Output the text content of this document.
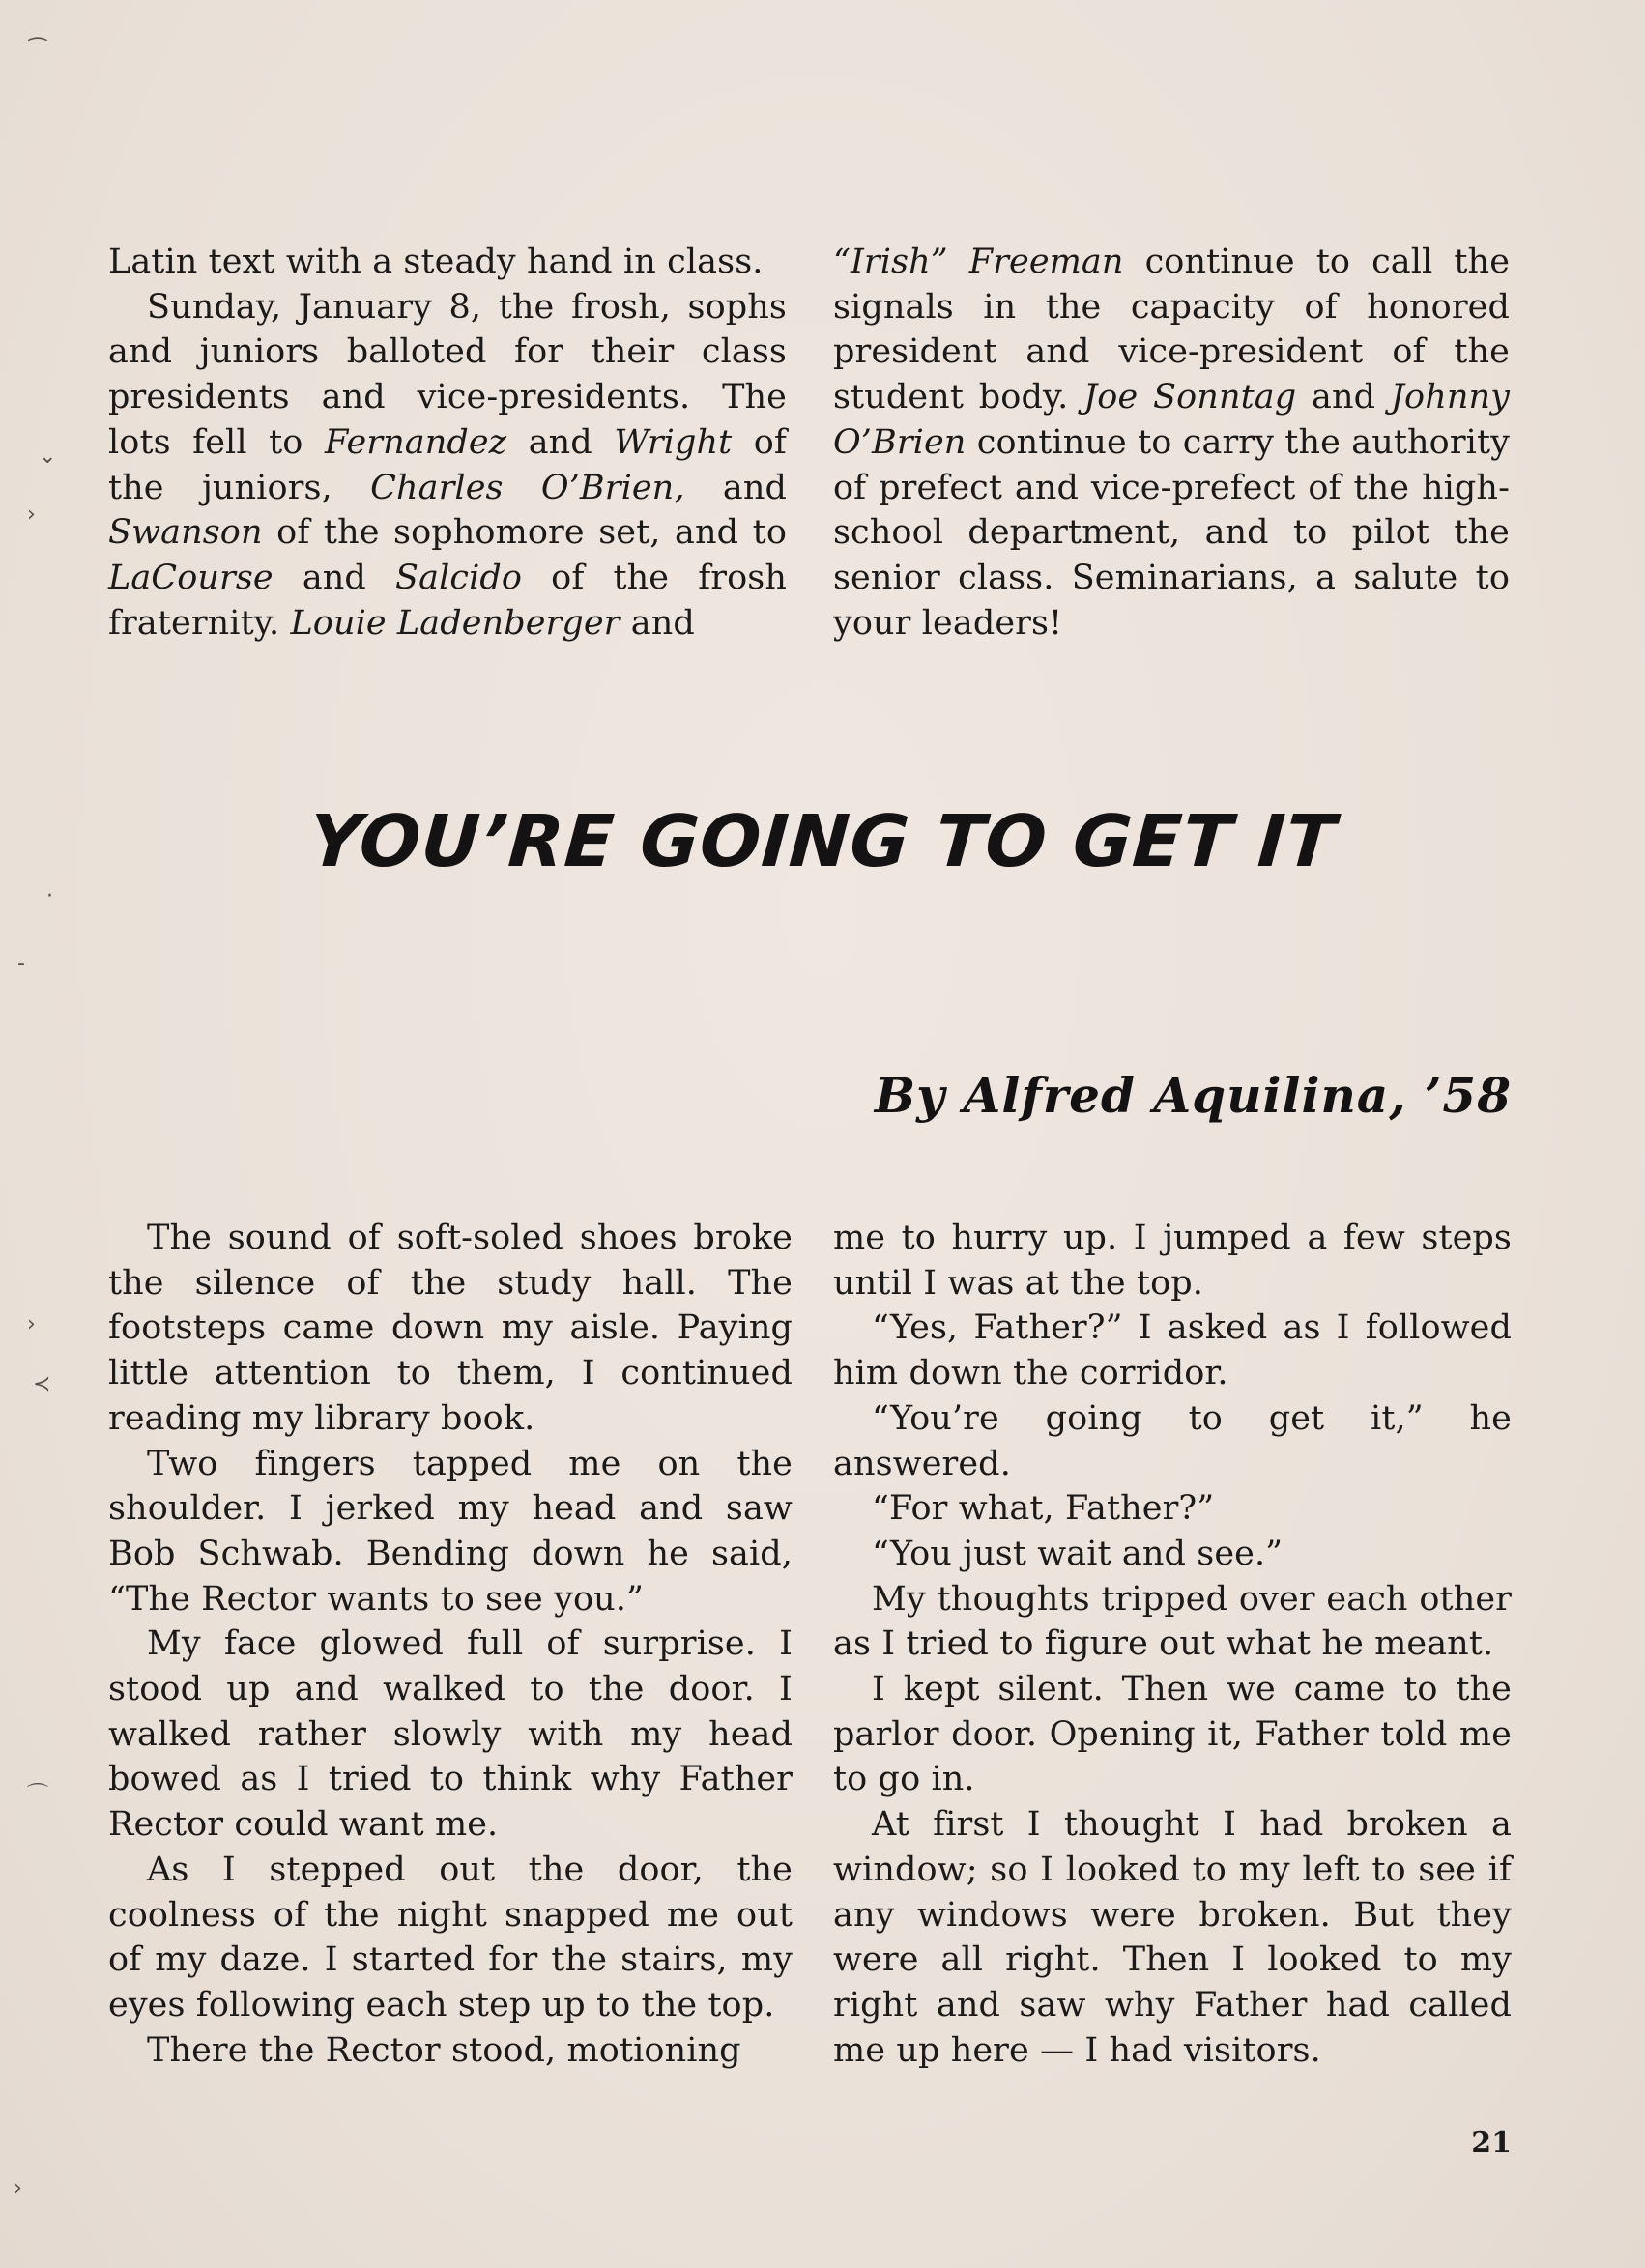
Latin text with a steady hand in class.

Sunday, January 8, the frosh, sophs and juniors balloted for their class presidents and vice-presidents. The lots fell to Fernandez and Wright of the juniors, Charles O’Brien, and Swanson of the sophomore set, and to LaCourse and Salcido of the frosh fraternity. Louie Ladenberger and

“Irish” Freeman continue to call the signals in the capacity of honored president and vice-president of the student body. Joe Sonntag and Johnny O’Brien continue to carry the authority of prefect and vice-prefect of the high-school department, and to pilot the senior class. Seminarians, a salute to your leaders!

YOU’RE GOING TO GET IT
By Alfred Aquilina, ’58

The sound of soft-soled shoes broke the silence of the study hall. The footsteps came down my aisle. Paying little attention to them, I continued reading my library book.

Two fingers tapped me on the shoulder. I jerked my head and saw Bob Schwab. Bending down he said, “The Rector wants to see you.”

My face glowed full of surprise. I stood up and walked to the door. I walked rather slowly with my head bowed as I tried to think why Father Rector could want me.

As I stepped out the door, the coolness of the night snapped me out of my daze. I started for the stairs, my eyes following each step up to the top.

There the Rector stood, motioning

me to hurry up. I jumped a few steps until I was at the top.

“Yes, Father?” I asked as I followed him down the corridor.

“You’re going to get it,” he answered.

“For what, Father?”

“You just wait and see.”

My thoughts tripped over each other as I tried to figure out what he meant.

I kept silent. Then we came to the parlor door. Opening it, Father told me to go in.

At first I thought I had broken a window; so I looked to my left to see if any windows were broken. But they were all right. Then I looked to my right and saw why Father had called me up here — I had visitors.

21
⁀
⌄
›
·
‐
›
≺
⌒
›
